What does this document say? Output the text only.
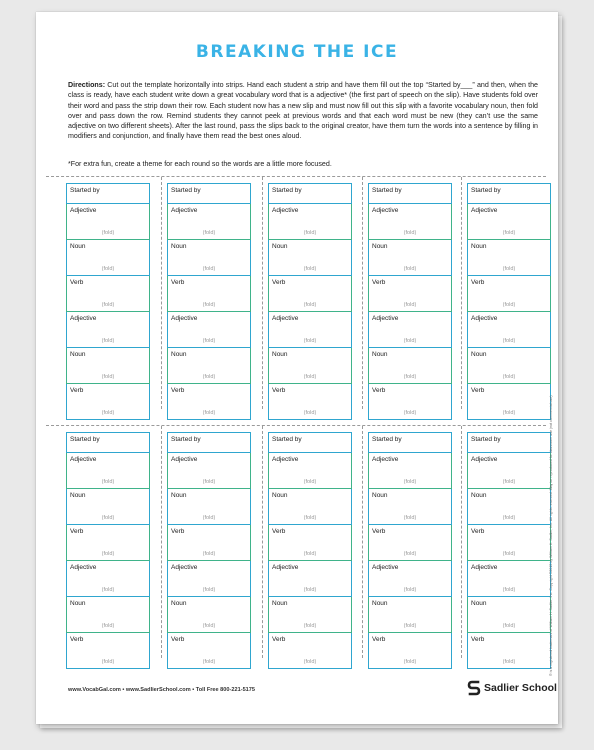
BREAKING THE ICE
Directions: Cut out the template horizontally into strips. Hand each student a strip and have them fill out the top “Started by___” and then, when the class is ready, have each student write down a great vocabulary word that is a adjective* (the first part of speech on the slip). Have students fold over their word and pass the strip down their row. Each student now has a new slip and must now fill out this slip with a favorite vocabulary noun, then fold over and pass down the row. Remind students they cannot peek at previous words and that each word must be new (they can’t use the same adjective on two different sheets). After the last round, pass the slips back to the original creator, have them turn the words into a sentence by filling in modifiers and conjunction, and finally have them read the best ones aloud.
*For extra fun, create a theme for each round so the words are a little more focused.
Started by
Adjective
(fold)
Noun
(fold)
Verb
(fold)
Adjective
(fold)
Noun
(fold)
Verb
(fold)
Started by
Adjective
(fold)
Noun
(fold)
Verb
(fold)
Adjective
(fold)
Noun
(fold)
Verb
(fold)
Started by
Adjective
(fold)
Noun
(fold)
Verb
(fold)
Adjective
(fold)
Noun
(fold)
Verb
(fold)
Started by
Adjective
(fold)
Noun
(fold)
Verb
(fold)
Adjective
(fold)
Noun
(fold)
Verb
(fold)
Started by
Adjective
(fold)
Noun
(fold)
Verb
(fold)
Adjective
(fold)
Noun
(fold)
Verb
(fold)
Started by
Adjective
(fold)
Noun
(fold)
Verb
(fold)
Adjective
(fold)
Noun
(fold)
Verb
(fold)
Started by
Adjective
(fold)
Noun
(fold)
Verb
(fold)
Adjective
(fold)
Noun
(fold)
Verb
(fold)
Started by
Adjective
(fold)
Noun
(fold)
Verb
(fold)
Adjective
(fold)
Noun
(fold)
Verb
(fold)
Started by
Adjective
(fold)
Noun
(fold)
Verb
(fold)
Adjective
(fold)
Noun
(fold)
Verb
(fold)
Started by
Adjective
(fold)
Noun
(fold)
Verb
(fold)
Adjective
(fold)
Noun
(fold)
Verb
(fold)
www.VocabGal.com • www.SadlierSchool.com • Toll Free 800-221-5175	Sadlier School
® is a registered trademark of William H. Sadlier, Inc. Copyright ©2015 by William H. Sadlier, Inc. All rights reserved. May be reproduced for classroom use (not commercial use)
